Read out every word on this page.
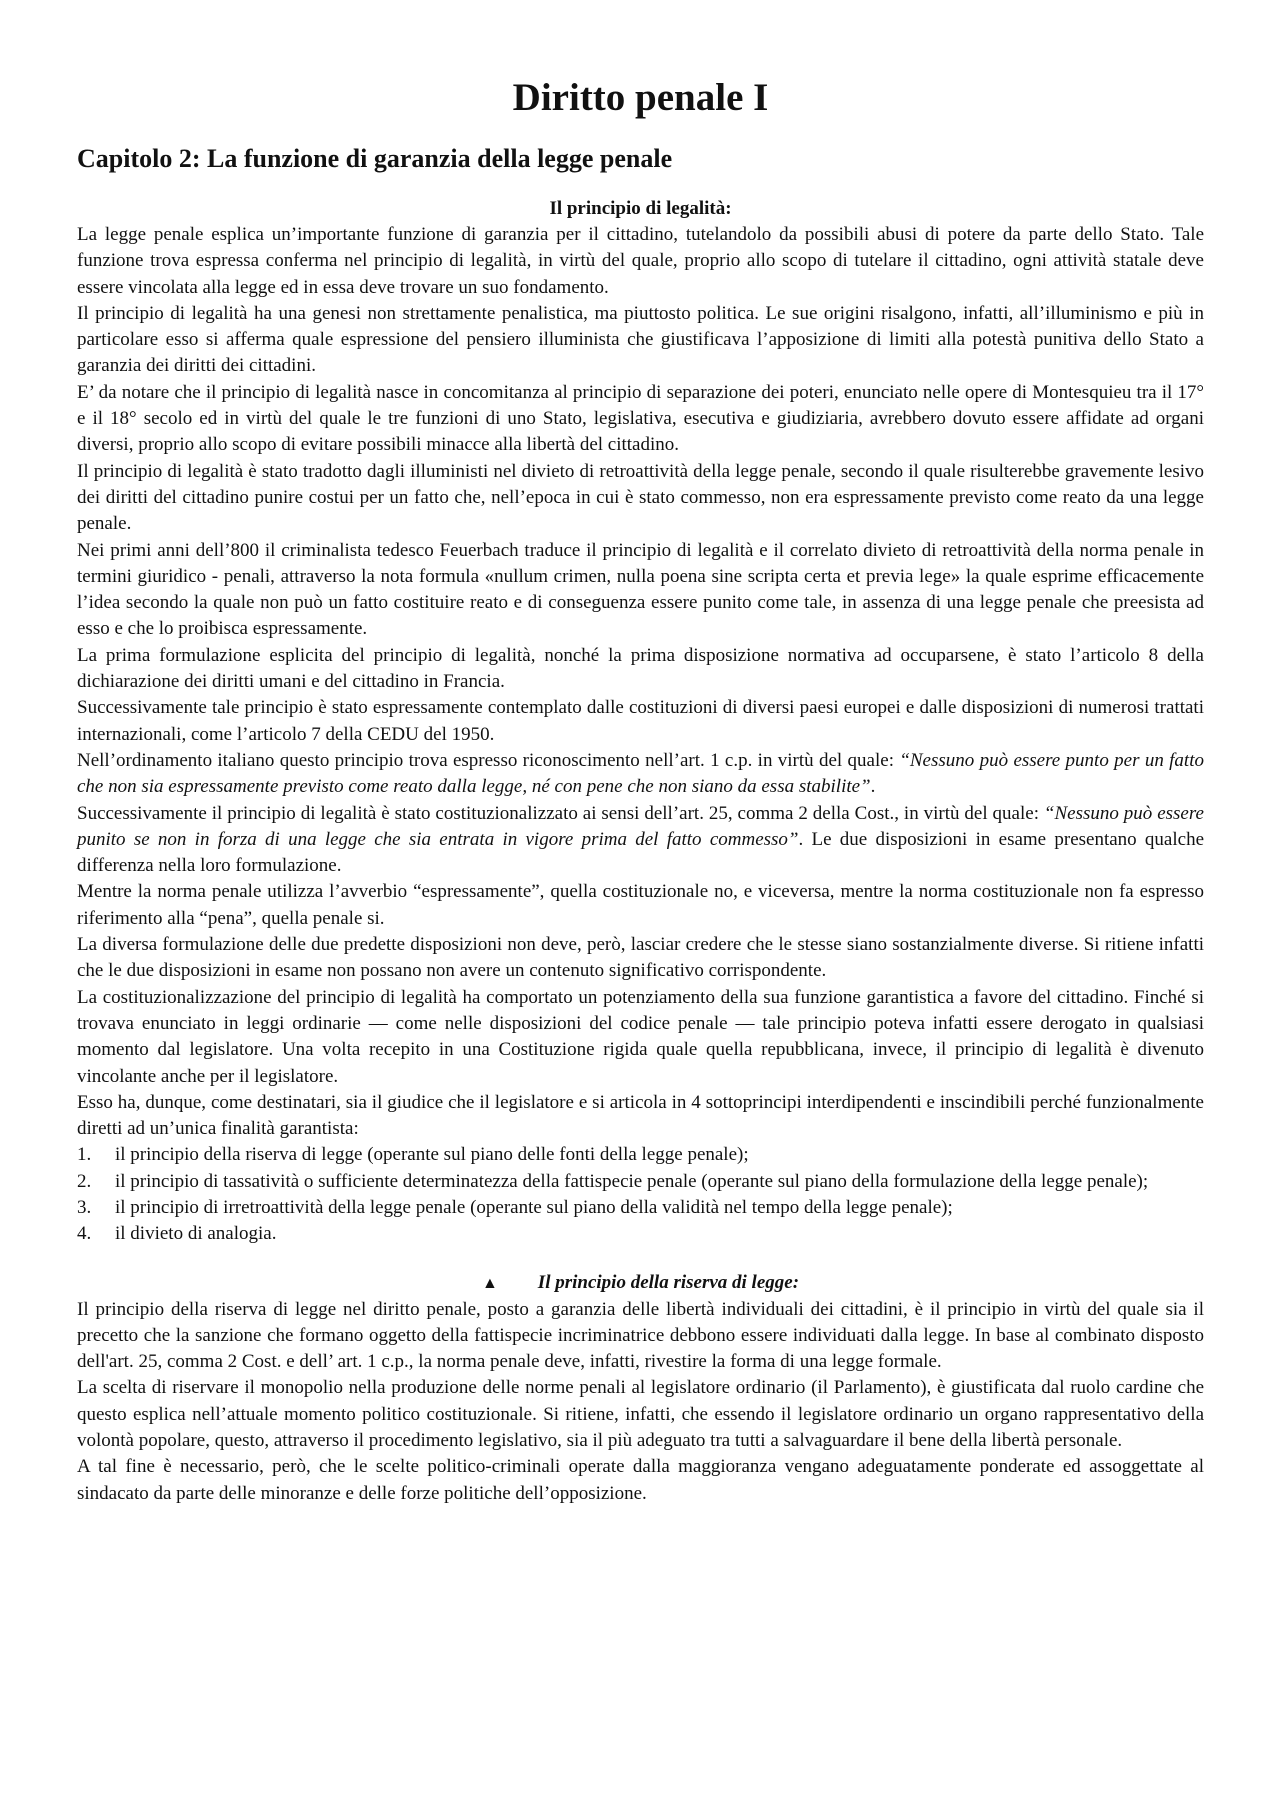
Diritto penale I
Capitolo 2: La funzione di garanzia della legge penale
Il principio di legalità:

La legge penale esplica un’importante funzione di garanzia per il cittadino, tutelandolo da possibili abusi di potere da parte dello Stato. Tale funzione trova espressa conferma nel principio di legalità, in virtù del quale, proprio allo scopo di tutelare il cittadino, ogni attività statale deve essere vincolata alla legge ed in essa deve trovare un suo fondamento.

Il principio di legalità ha una genesi non strettamente penalistica, ma piuttosto politica. Le sue origini risalgono, infatti, all’illuminismo e più in particolare esso si afferma quale espressione del pensiero illuminista che giustificava l’apposizione di limiti alla potestà punitiva dello Stato a garanzia dei diritti dei cittadini.

E’ da notare che il principio di legalità nasce in concomitanza al principio di separazione dei poteri, enunciato nelle opere di Montesquieu tra il 17° e il 18° secolo ed in virtù del quale le tre funzioni di uno Stato, legislativa, esecutiva e giudiziaria, avrebbero dovuto essere affidate ad organi diversi, proprio allo scopo di evitare possibili minacce alla libertà del cittadino.

Il principio di legalità è stato tradotto dagli illuministi nel divieto di retroattività della legge penale, secondo il quale risulterebbe gravemente lesivo dei diritti del cittadino punire costui per un fatto che, nell’epoca in cui è stato commesso, non era espressamente previsto come reato da una legge penale.

Nei primi anni dell’800 il criminalista tedesco Feuerbach traduce il principio di legalità e il correlato divieto di retroattività della norma penale in termini giuridico - penali, attraverso la nota formula «nullum crimen, nulla poena sine scripta certa et previa lege» la quale esprime efficacemente l’idea secondo la quale non può un fatto costituire reato e di conseguenza essere punito come tale, in assenza di una legge penale che preesista ad esso e che lo proibisca espressamente.

La prima formulazione esplicita del principio di legalità, nonché la prima disposizione normativa ad occuparsene, è stato l’articolo 8 della dichiarazione dei diritti umani e del cittadino in Francia.

Successivamente tale principio è stato espressamente contemplato dalle costituzioni di diversi paesi europei e dalle disposizioni di numerosi trattati internazionali, come l’articolo 7 della CEDU del 1950.

Nell’ordinamento italiano questo principio trova espresso riconoscimento nell’art. 1 c.p. in virtù del quale: “Nessuno può essere punto per un fatto che non sia espressamente previsto come reato dalla legge, né con pene che non siano da essa stabilite”.

Successivamente il principio di legalità è stato costituzionalizzato ai sensi dell’art. 25, comma 2 della Cost., in virtù del quale: “Nessuno può essere punito se non in forza di una legge che sia entrata in vigore prima del fatto commesso”. Le due disposizioni in esame presentano qualche differenza nella loro formulazione.

Mentre la norma penale utilizza l’avverbio “espressamente”, quella costituzionale no, e viceversa, mentre la norma costituzionale non fa espresso riferimento alla “pena”, quella penale si.

La diversa formulazione delle due predette disposizioni non deve, però, lasciar credere che le stesse siano sostanzialmente diverse. Si ritiene infatti che le due disposizioni in esame non possano non avere un contenuto significativo corrispondente.

La costituzionalizzazione del principio di legalità ha comportato un potenziamento della sua funzione garantistica a favore del cittadino. Finché si trovava enunciato in leggi ordinarie — come nelle disposizioni del codice penale — tale principio poteva infatti essere derogato in qualsiasi momento dal legislatore. Una volta recepito in una Costituzione rigida quale quella repubblicana, invece, il principio di legalità è divenuto vincolante anche per il legislatore.

Esso ha, dunque, come destinatari, sia il giudice che il legislatore e si articola in 4 sottoprincipi interdipendenti e inscindibili perché funzionalmente diretti ad un’unica finalità garantista:

1. il principio della riserva di legge (operante sul piano delle fonti della legge penale);
2. il principio di tassatività o sufficiente determinatezza della fattispecie penale (operante sul piano della formulazione della legge penale);
3. il principio di irretroattività della legge penale (operante sul piano della validità nel tempo della legge penale);
4. il divieto di analogia.
▲ Il principio della riserva di legge:

Il principio della riserva di legge nel diritto penale, posto a garanzia delle libertà individuali dei cittadini, è il principio in virtù del quale sia il precetto che la sanzione che formano oggetto della fattispecie incriminatrice debbono essere individuati dalla legge. In base al combinato disposto dell'art. 25, comma 2 Cost. e dell’ art. 1 c.p., la norma penale deve, infatti, rivestire la forma di una legge formale.

La scelta di riservare il monopolio nella produzione delle norme penali al legislatore ordinario (il Parlamento), è giustificata dal ruolo cardine che questo esplica nell’attuale momento politico costituzionale. Si ritiene, infatti, che essendo il legislatore ordinario un organo rappresentativo della volontà popolare, questo, attraverso il procedimento legislativo, sia il più adeguato tra tutti a salvaguardare il bene della libertà personale.

A tal fine è necessario, però, che le scelte politico-criminali operate dalla maggioranza vengano adeguatamente ponderate ed assoggettate al sindacato da parte delle minoranze e delle forze politiche dell’opposizione.
